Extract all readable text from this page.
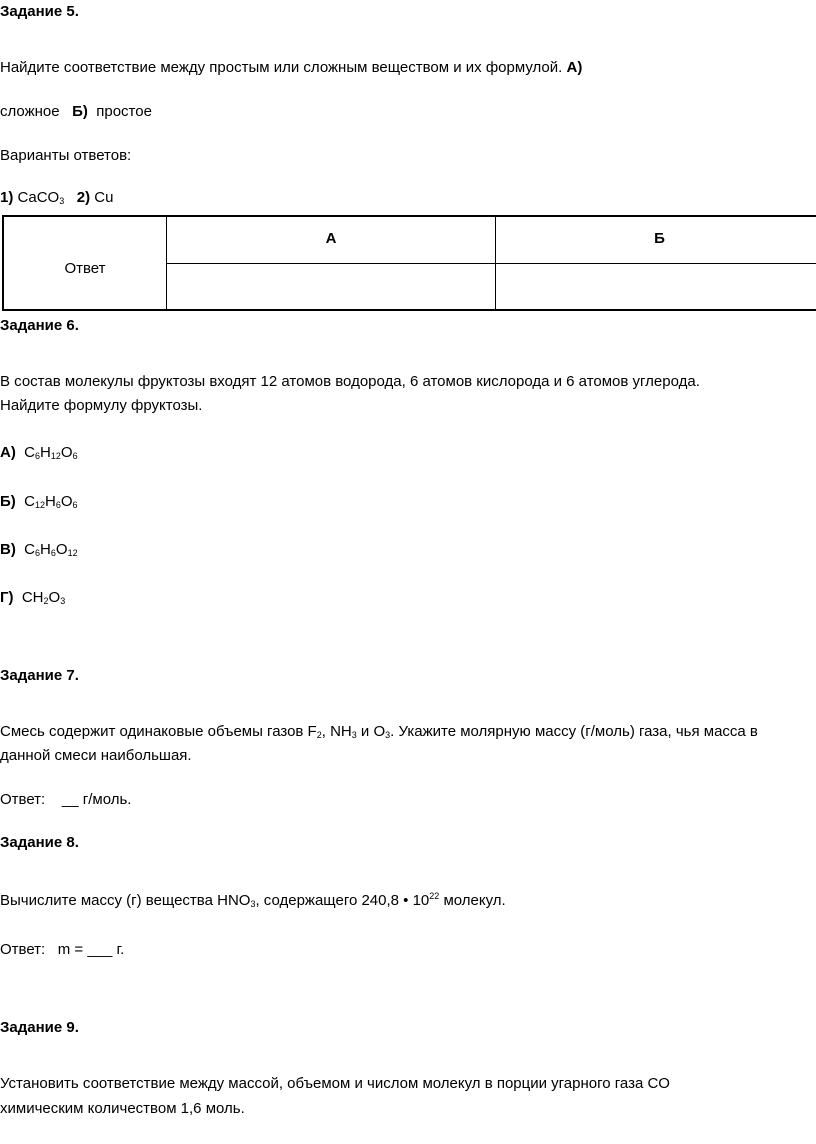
Задание 5.
Найдите соответствие между простым или сложным веществом и их формулой. А)
сложное Б) простое
Варианты ответов:
1) CaCO$_3$ 2) Cu
Ответ
А	Б
Задание 6.
В состав молекулы фруктозы входят 12 атомов водорода, 6 атомов кислорода и 6 атомов углерода.
Найдите формулу фруктозы.
А) $C_6H_{12}O_6$
Б) $C_{12}H_6O_6$
В) $C_6H_6O_{12}$
Г) $CH_2O_3$
Задание 7.
Смесь содержит одинаковые объемы газов $F_2$, $NH_3$ и $O_3$. Укажите молярную массу (г/моль) газа, чья масса в
данной смеси наибольшая.
Ответ: __ г/моль.
Задание 8.
Вычислите массу (г) вещества $HNO_3$, содержащего 240,8 • $10^{22}$ молекул.
Ответ: m = ___ г.
Задание 9.
Установить соответствие между массой, объемом и числом молекул в порции угарного газа CO
химическим количеством 1,6 моль.
